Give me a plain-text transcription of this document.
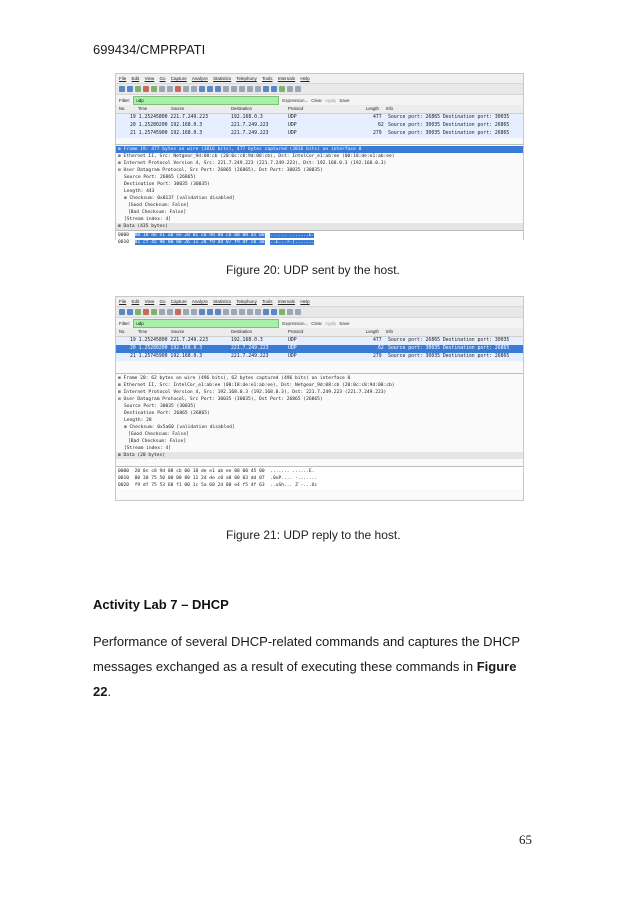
699434/CMPRPATI
File Edit View Go Capture Analyze Statistics Telephony Tools Internals Help
Filter:	udp	Expression... Clear Apply Save
No.	Time	Source	Destination	Protocol	Length Info
19 1.25245800 221.7.249.223	192.168.0.3	UDP	477 Source port: 26865 Destination port: 30035
20 1.25280200 192.168.0.3	221.7.249.223	UDP	62 Source port: 30035 Destination port: 26865
21 1.25745900 192.168.0.3	221.7.249.223	UDP	279 Source port: 30035 Destination port: 26865
⊞ Frame 19: 477 bytes on wire (3816 bits), 477 bytes captured (3816 bits) on interface 0
⊞ Ethernet II, Src: Netgear_9d:08:cb (20:0c:c8:9d:08:cb), Dst: IntelCor_e1:ab:ee (00:18:de:e1:ab:ee)
⊞ Internet Protocol Version 4, Src: 221.7.249.223 (221.7.249.223), Dst: 192.168.0.3 (192.168.0.3)
⊟ User Datagram Protocol, Src Port: 26865 (26865), Dst Port: 30035 (30035)
Source Port: 26865 (26865)
Destination Port: 30035 (30035)
Length: 443
⊞ Checksum: 0x0137 [validation disabled]
[Good Checksum: False]
[Bad Checksum: False]
[Stream index: 4]
⊞ Data (435 bytes)
0000 00 18 de e1 ab ee 20 0c c8 9d 08 cb 08 00 45 00 ...... .......E.
0010 01 cf 45 9b 00 00 2b 11 28 f9 dd 07 f9 df c0 a8 ..E...+.(.......
Figure 20: UDP sent by the host.
File Edit View Go Capture Analyze Statistics Telephony Tools Internals Help
Filter:	udp	Expression... Clear Apply Save
No.	Time	Source	Destination	Protocol	Length Info
19 1.25245800 221.7.249.223	192.168.0.3	UDP	477 Source port: 26865 Destination port: 30035
20 1.25280200 192.168.0.3	221.7.249.223	UDP	62 Source port: 30035 Destination port: 26865
21 1.25745900 192.168.0.3	221.7.249.223	UDP	279 Source port: 30035 Destination port: 26865
⊞ Frame 20: 62 bytes on wire (496 bits), 62 bytes captured (496 bits) on interface 0
⊞ Ethernet II, Src: IntelCor_e1:ab:ee (00:18:de:e1:ab:ee), Dst: Netgear_9d:08:cb (20:0c:c8:9d:08:cb)
⊞ Internet Protocol Version 4, Src: 192.168.0.3 (192.168.0.3), Dst: 221.7.249.223 (221.7.249.223)
⊟ User Datagram Protocol, Src Port: 30035 (30035), Dst Port: 26865 (26865)
Source Port: 30035 (30035)
Destination Port: 26865 (26865)
Length: 28
⊞ Checksum: 0x5a60 [validation disabled]
[Good Checksum: False]
[Bad Checksum: False]
[Stream index: 4]
⊞ Data (20 bytes)
0000 20 0c c8 9d 08 cb 00 18 de e1 ab ee 08 00 45 00  ....... ......E.
0010 00 30 75 50 00 00 80 11 2d de c0 a8 00 03 dd 07 .0uP.... -.......
0020 f9 df 75 53 68 f1 00 1c 5a 60 2d 00 e4 f5 4f 63 ..uSh... Z`-...Oc
Figure 21: UDP reply to the host.
Activity Lab 7 – DHCP
Performance of several DHCP-related commands and captures the DHCP
messages exchanged as a result of executing these commands in Figure
22.
65
